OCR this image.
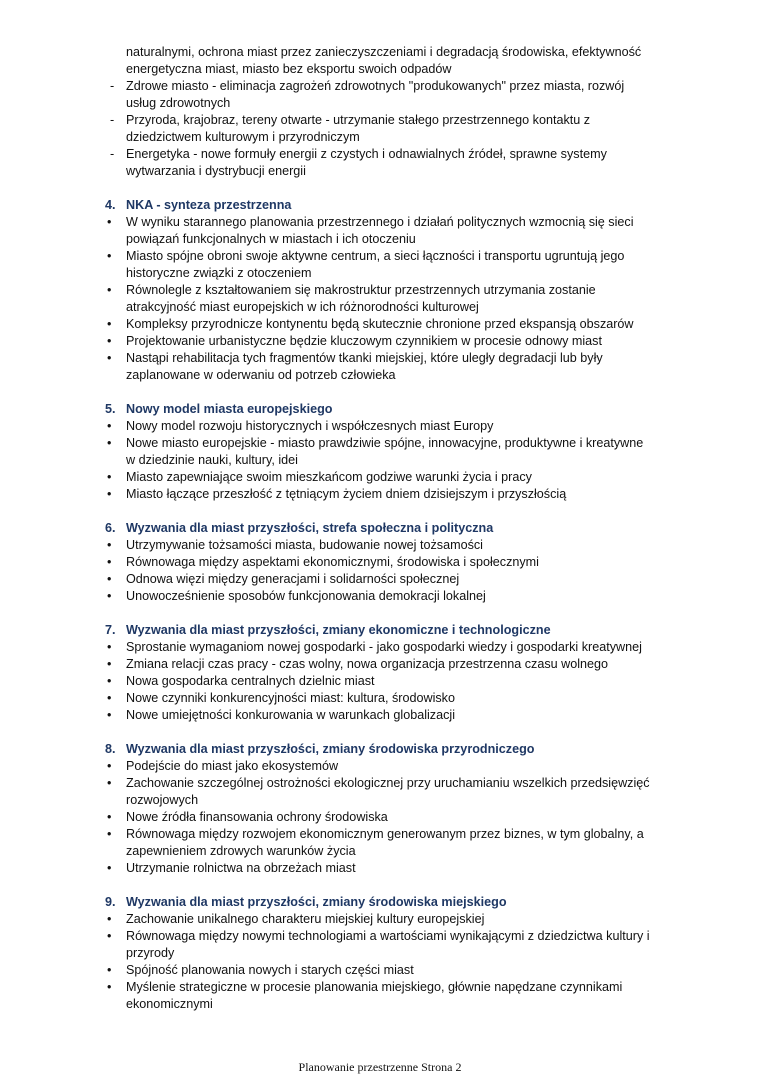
naturalnymi, ochrona miast przez zanieczyszczeniami i degradacją środowiska, efektywność
energetyczna miast, miasto bez eksportu swoich odpadów
- Zdrowe miasto - eliminacja zagrożeń zdrowotnych "produkowanych" przez miasta, rozwój
usług zdrowotnych
- Przyroda, krajobraz, tereny otwarte - utrzymanie stałego przestrzennego kontaktu z
dziedzictwem kulturowym i przyrodniczym
- Energetyka - nowe formuły energii z czystych i odnawialnych źródeł, sprawne systemy
wytwarzania i dystrybucji energii
4. NKA - synteza przestrzenna
• W wyniku starannego planowania przestrzennego i działań politycznych wzmocnią się sieci
powiązań funkcjonalnych w miastach i ich otoczeniu
• Miasto spójne obroni swoje aktywne centrum, a sieci łączności i transportu ugruntują jego
historyczne związki z otoczeniem
• Równolegle z kształtowaniem się makrostruktur przestrzennych utrzymania zostanie
atrakcyjność miast europejskich w ich różnorodności kulturowej
• Kompleksy przyrodnicze kontynentu będą skutecznie chronione przed ekspansją obszarów
• Projektowanie urbanistyczne będzie kluczowym czynnikiem w procesie odnowy miast
• Nastąpi rehabilitacja tych fragmentów tkanki miejskiej, które uległy degradacji lub były
zaplanowane w oderwaniu od potrzeb człowieka
5. Nowy model miasta europejskiego
• Nowy model rozwoju historycznych i współczesnych miast Europy
• Nowe miasto europejskie - miasto prawdziwie spójne, innowacyjne, produktywne i kreatywne
w dziedzinie nauki, kultury, idei
• Miasto zapewniające swoim mieszkańcom godziwe warunki życia i pracy
• Miasto łączące przeszłość z tętniącym życiem dniem dzisiejszym i przyszłością
6. Wyzwania dla miast przyszłości, strefa społeczna i polityczna
• Utrzymywanie tożsamości miasta, budowanie nowej tożsamości
• Równowaga między aspektami ekonomicznymi, środowiska i społecznymi
• Odnowa więzi między generacjami i solidarności społecznej
• Unowocześnienie sposobów funkcjonowania demokracji lokalnej
7. Wyzwania dla miast przyszłości, zmiany ekonomiczne i technologiczne
• Sprostanie wymaganiom nowej gospodarki - jako gospodarki wiedzy i gospodarki kreatywnej
• Zmiana relacji czas pracy - czas wolny, nowa organizacja przestrzenna czasu wolnego
• Nowa gospodarka centralnych dzielnic miast
• Nowe czynniki konkurencyjności miast: kultura, środowisko
• Nowe umiejętności konkurowania w warunkach globalizacji
8. Wyzwania dla miast przyszłości, zmiany środowiska przyrodniczego
• Podejście do miast jako ekosystemów
• Zachowanie szczególnej ostrożności ekologicznej przy uruchamianiu wszelkich przedsięwzięć
rozwojowych
• Nowe źródła finansowania ochrony środowiska
• Równowaga między rozwojem ekonomicznym generowanym przez biznes, w tym globalny, a
zapewnieniem zdrowych warunków życia
• Utrzymanie rolnictwa na obrzeżach miast
9. Wyzwania dla miast przyszłości, zmiany środowiska miejskiego
• Zachowanie unikalnego charakteru miejskiej kultury europejskiej
• Równowaga między nowymi technologiami a wartościami wynikającymi z dziedzictwa kultury i
przyrody
• Spójność planowania nowych i starych części miast
• Myślenie strategiczne w procesie planowania miejskiego, głównie napędzane czynnikami
ekonomicznymi
Planowanie przestrzenne Strona 2
